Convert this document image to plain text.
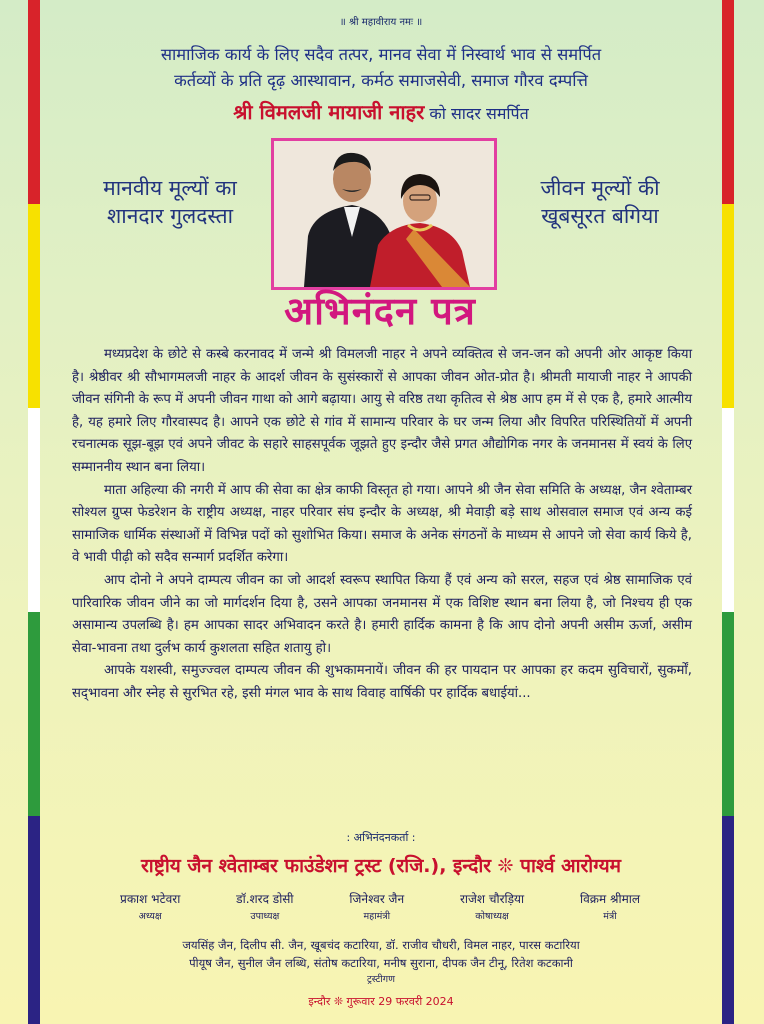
॥ श्री महावीराय नमः ॥
सामाजिक कार्य के लिए सदैव तत्पर, मानव सेवा में निस्वार्थ भाव से समर्पित
कर्तव्यों के प्रति दृढ़ आस्थावान, कर्मठ समाजसेवी, समाज गौरव दम्पत्ति
श्री विमलजी मायाजी नाहर को सादर समर्पित
मानवीय मूल्यों का
शानदार गुलदस्ता
जीवन मूल्यों की
खूबसूरत बगिया
अभिनंदन पत्र

मध्यप्रदेश के छोटे से कस्बे करनावद में जन्मे श्री विमलजी नाहर ने अपने व्यक्तित्व से जन-जन को अपनी ओर आकृष्ट किया है। श्रेष्ठीवर श्री सौभागमलजी नाहर के आदर्श जीवन के सुसंस्कारों से आपका जीवन ओत-प्रोत है। श्रीमती मायाजी नाहर ने आपकी जीवन संगिनी के रूप में अपनी जीवन गाथा को आगे बढ़ाया। आयु से वरिष्ठ तथा कृतित्व से श्रेष्ठ आप हम में से एक है, हमारे आत्मीय है, यह हमारे लिए गौरवास्पद है। आपने एक छोटे से गांव में सामान्य परिवार के घर जन्म लिया और विपरित परिस्थितियों में अपनी रचनात्मक सूझ-बूझ एवं अपने जीवट के सहारे साहसपूर्वक जूझते हुए इन्दौर जैसे प्रगत औद्योगिक नगर के जनमानस में स्वयं के लिए सम्माननीय स्थान बना लिया।

माता अहिल्या की नगरी में आप की सेवा का क्षेत्र काफी विस्तृत हो गया। आपने श्री जैन सेवा समिति के अध्यक्ष, जैन श्वेताम्बर सोश्यल ग्रुप्स फेडरेशन के राष्ट्रीय अध्यक्ष, नाहर परिवार संघ इन्दौर के अध्यक्ष, श्री मेवाड़ी बड़े साथ ओसवाल समाज एवं अन्य कई सामाजिक धार्मिक संस्थाओं में विभिन्न पदों को सुशोभित किया। समाज के अनेक संगठनों के माध्यम से आपने जो सेवा कार्य किये है, वे भावी पीढ़ी को सदैव सन्मार्ग प्रदर्शित करेगा।

आप दोनो ने अपने दाम्पत्य जीवन का जो आदर्श स्वरूप स्थापित किया हैं एवं अन्य को सरल, सहज एवं श्रेष्ठ सामाजिक एवं पारिवारिक जीवन जीने का जो मार्गदर्शन दिया है, उसने आपका जनमानस में एक विशिष्ट स्थान बना लिया है, जो निश्चय ही एक असामान्य उपलब्धि है। हम आपका सादर अभिवादन करते है। हमारी हार्दिक कामना है कि आप दोनो अपनी असीम ऊर्जा, असीम सेवा-भावना तथा दुर्लभ कार्य कुशलता सहित शतायु हो।

आपके यशस्वी, समुज्ज्वल दाम्पत्य जीवन की शुभकामनायें। जीवन की हर पायदान पर आपका हर कदम सुविचारों, सुकर्मों, सद्‌भावना और स्नेह से सुरभित रहे, इसी मंगल भाव के साथ विवाह वार्षिकी पर हार्दिक बधाईयां...

: अभिनंदनकर्ता :
राष्ट्रीय जैन श्वेताम्बर फाउंडेशन ट्रस्ट (रजि.), इन्दौर ❊ पार्श्व आरोग्यम
प्रकाश भटेवरा
अध्यक्ष
डॉ.शरद डोसी
उपाध्यक्ष
जिनेश्वर जैन
महामंत्री
राजेश चौरड़िया
कोषाध्यक्ष
विक्रम श्रीमाल
मंत्री
जयसिंह जैन, दिलीप सी. जैन, खूबचंद कटारिया, डॉ. राजीव चौधरी, विमल नाहर, पारस कटारिया
पीयूष जैन, सुनील जैन लब्धि, संतोष कटारिया, मनीष सुराना, दीपक जैन टीनू, रितेश कटकानी
ट्रस्टीगण
इन्दौर ❊ गुरूवार 29 फरवरी 2024
